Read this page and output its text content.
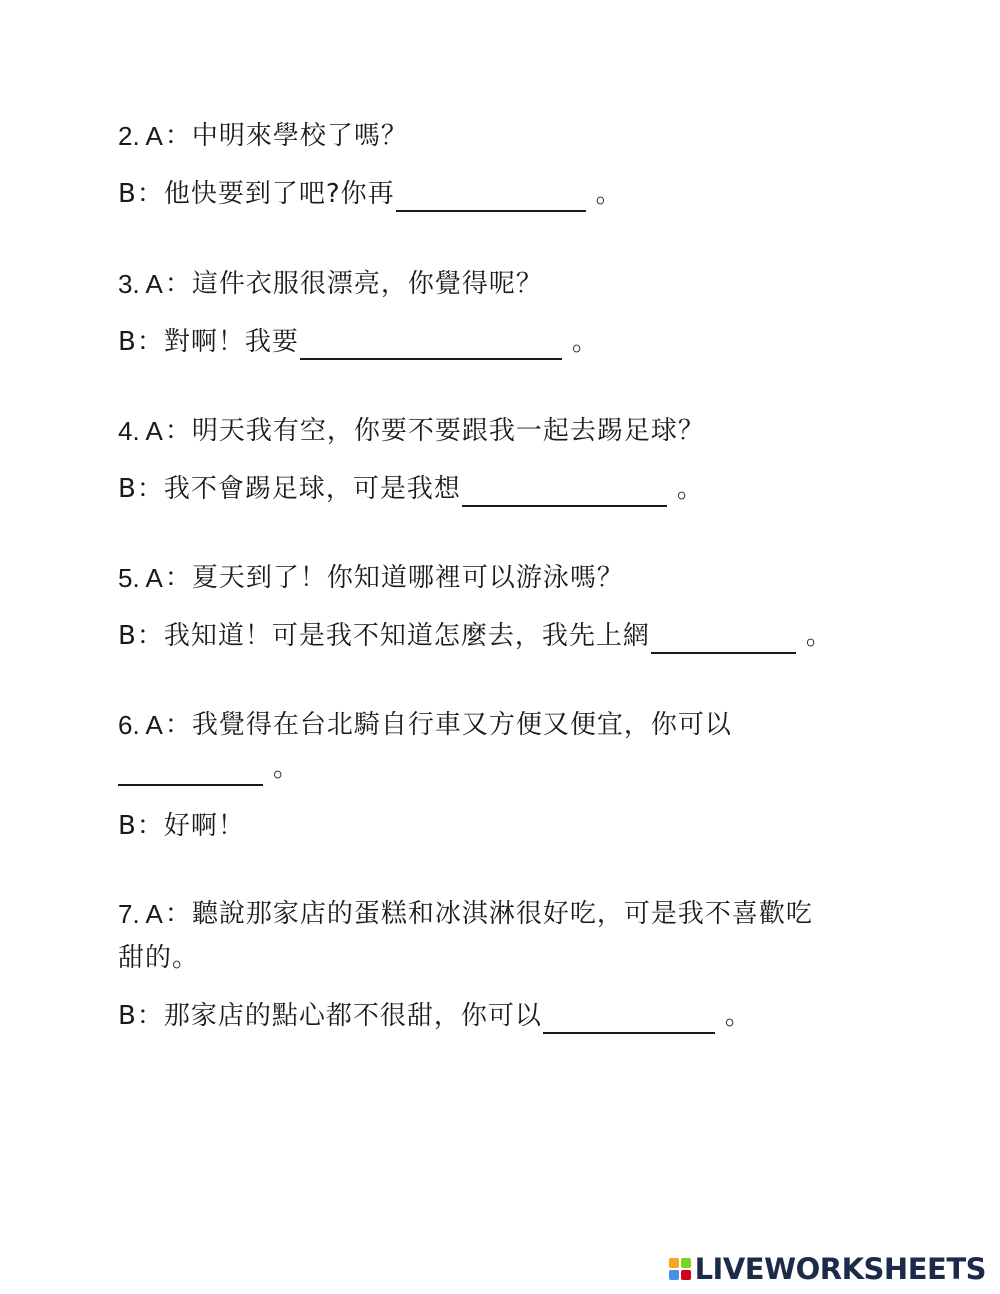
2. A ：中明來學校了嗎？
B：他快要到了吧?你再	。
3. A ：這件衣服很漂亮，你覺得呢？
B：對啊！我要	。
4. A ：明天我有空，你要不要跟我一起去踢足球？
B：我不會踢足球，可是我想	。
5. A ：夏天到了！你知道哪裡可以游泳嗎？
B：我知道！可是我不知道怎麼去，我先上網	。
6. A ：我覺得在台北騎自行車又方便又便宜，你可以
。
B：好啊！
7. A ：聽說那家店的蛋糕和冰淇淋很好吃，可是我不喜歡吃
甜的。
B：那家店的點心都不很甜，你可以	。
LIVEWORKSHEETS
